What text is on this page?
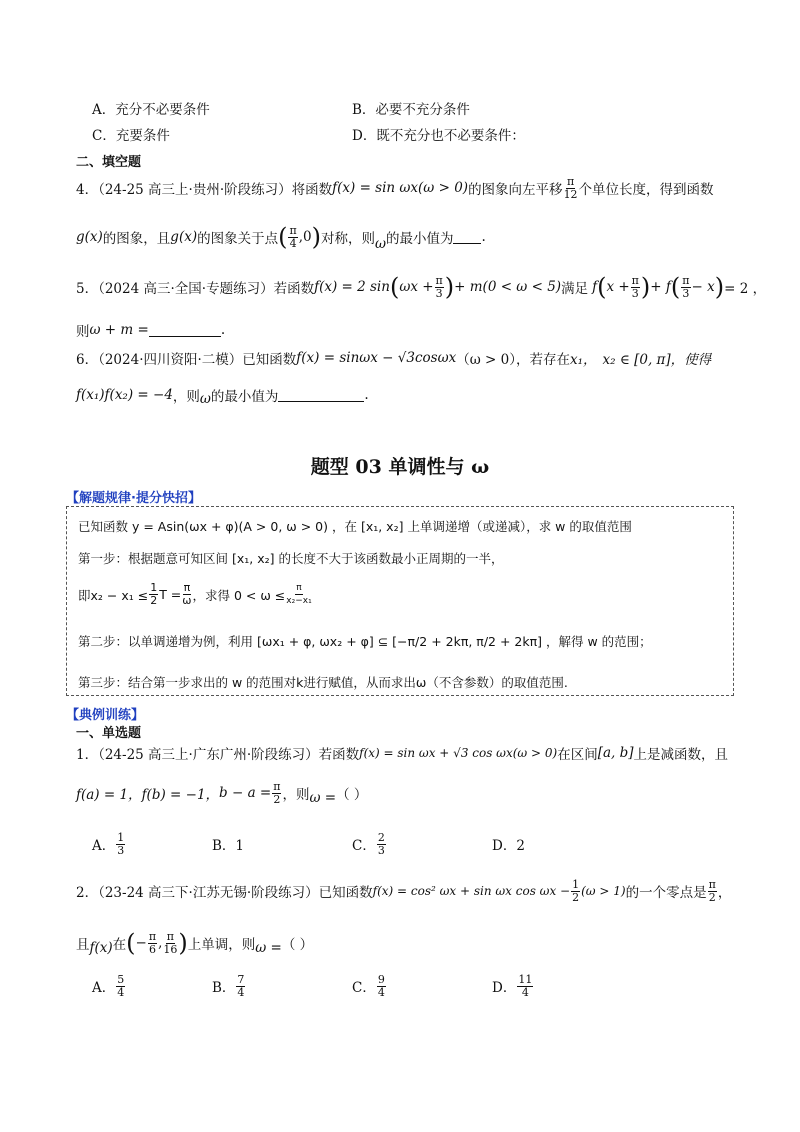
A．充分不必要条件	B．必要不充分条件
C．充要条件	D．既不充分也不必要条件：
二、填空题
4．（24-25 高三上·贵州·阶段练习）将函数 f(x) = sin ωx(ω > 0) 的图象向左平移 $\frac{\pi}{12}$ 个单位长度，得到函数
g(x) 的图象，且 g(x) 的图象关于点 ( $\frac{\pi}{4} ,0$ ) 对称，则 ω 的最小值为 .
5．（2024 高三·全国·专题练习）若函数 f(x) = 2 sin ( $\omega x + \frac{\pi}{3}$ ) + m(0 < ω < 5) 满足 f ( $x + \frac{\pi}{3}$ ) + f ( $\frac{\pi}{3} - x$ ) = 2 ，
则 ω + m =	.
6．（2024·四川资阳·二模）已知函数 f(x) = sinωx − √3cosωx （ω > 0），若存在 x₁， x₂ ∈ [0, π]，使得
f(x₁)f(x₂) = −4 ，则 ω 的最小值为	.
题型 03 单调性与 ω
【解题规律·提分快招】
已知函数 y = Asin(ωx + φ)(A > 0, ω > 0) ，在 [x₁, x₂] 上单调递增（或递减），求 w 的取值范围
第一步：根据题意可知区间 [x₁, x₂] 的长度不大于该函数最小正周期的一半，
即$x_2 - x_1 \le \frac{1}{2}$ $T = \frac{\pi}{\omega}$ ，求得 $0 < \omega \le \frac{\pi}{\text{x₂−x₁}}$
第二步：以单调递增为例，利用 [ωx₁ + φ, ωx₂ + φ] ⊆ [−π/2 + 2kπ, π/2 + 2kπ] ，解得 w 的范围；
第三步：结合第一步求出的 w 的范围对k进行赋值，从而求出ω（不含参数）的取值范围.
【典例训练】
一、单选题
1．（24-25 高三上·广东广州·阶段练习）若函数 f(x) = sin ωx + √3 cos ωx(ω > 0) 在区间 [a, b] 上是减函数，且
f(a) = 1， f(b) = −1， $b - a = \frac{\pi}{2}$ ，则 ω = （ ）
A． $\frac{1}{3}$	B．1	C． $\frac{2}{3}$	D．2
2．（23-24 高三下·江苏无锡·阶段练习）已知函数 f(x) = cos² ωx + sin ωx $\cos \omega x - \frac{1}{2} (\omega > 1)$ 的一个零点是 $\frac{\pi}{2}$ ，
且 f(x) 在 ( − $\frac{\pi}{6}$ , $\frac{\pi}{16}$ ) 上单调，则 ω = （ ）
A． $\frac{5}{4}$	B． $\frac{7}{4}$	C． $\frac{9}{4}$	D． $\frac{11}{4}$
